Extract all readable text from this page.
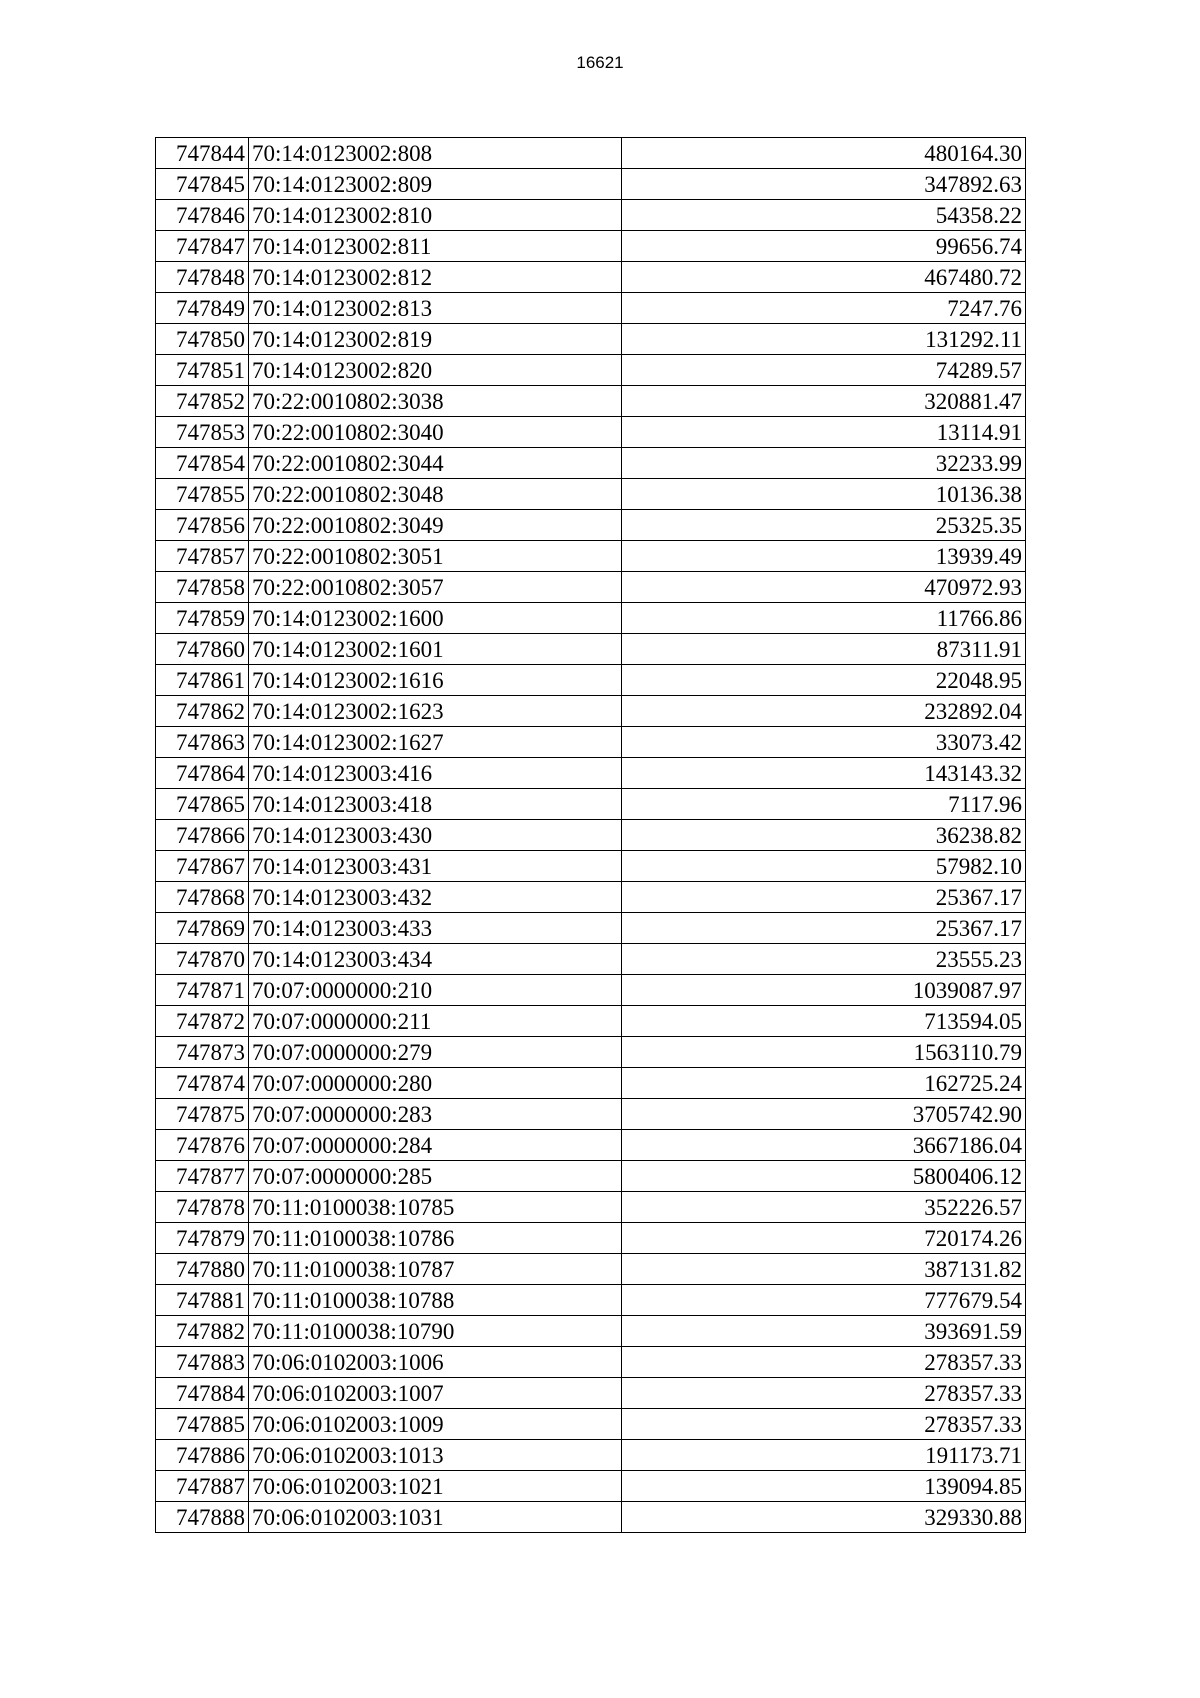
16621
747844	70:14:0123002:808	480164.30
747845	70:14:0123002:809	347892.63
747846	70:14:0123002:810	54358.22
747847	70:14:0123002:811	99656.74
747848	70:14:0123002:812	467480.72
747849	70:14:0123002:813	7247.76
747850	70:14:0123002:819	131292.11
747851	70:14:0123002:820	74289.57
747852	70:22:0010802:3038	320881.47
747853	70:22:0010802:3040	13114.91
747854	70:22:0010802:3044	32233.99
747855	70:22:0010802:3048	10136.38
747856	70:22:0010802:3049	25325.35
747857	70:22:0010802:3051	13939.49
747858	70:22:0010802:3057	470972.93
747859	70:14:0123002:1600	11766.86
747860	70:14:0123002:1601	87311.91
747861	70:14:0123002:1616	22048.95
747862	70:14:0123002:1623	232892.04
747863	70:14:0123002:1627	33073.42
747864	70:14:0123003:416	143143.32
747865	70:14:0123003:418	7117.96
747866	70:14:0123003:430	36238.82
747867	70:14:0123003:431	57982.10
747868	70:14:0123003:432	25367.17
747869	70:14:0123003:433	25367.17
747870	70:14:0123003:434	23555.23
747871	70:07:0000000:210	1039087.97
747872	70:07:0000000:211	713594.05
747873	70:07:0000000:279	1563110.79
747874	70:07:0000000:280	162725.24
747875	70:07:0000000:283	3705742.90
747876	70:07:0000000:284	3667186.04
747877	70:07:0000000:285	5800406.12
747878	70:11:0100038:10785	352226.57
747879	70:11:0100038:10786	720174.26
747880	70:11:0100038:10787	387131.82
747881	70:11:0100038:10788	777679.54
747882	70:11:0100038:10790	393691.59
747883	70:06:0102003:1006	278357.33
747884	70:06:0102003:1007	278357.33
747885	70:06:0102003:1009	278357.33
747886	70:06:0102003:1013	191173.71
747887	70:06:0102003:1021	139094.85
747888	70:06:0102003:1031	329330.88
